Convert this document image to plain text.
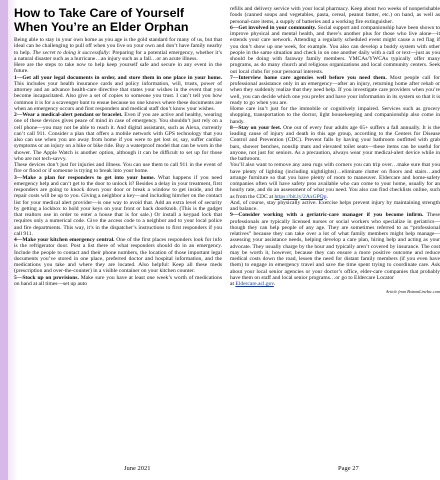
How to Take Care of Yourself
When You’re an Elder Orphan

Being able to stay in your own home as you age is the gold standard for many of us, but that ideal can be challenging to pull off when you live on your own and don’t have family nearby to help. The secret to doing it successfully: Preparing for a potential emergency, whether it’s a natural disaster such as a hurricane…an injury such as a fall…or an acute illness.

Here are the steps to take now to help keep yourself safe and secure in any event in the future.

1—Get all your legal documents in order, and store them in one place in your home. This includes your health insurance cards and policy information, will, trusts, power of attorney and an advance health-care directive that states your wishes in the event that you become incapacitated. Also give a set of copies to someone you trust. I can’t tell you how common it is for a scavenger hunt to ensue because no one knows where these documents are when an emergency occurs and first responders and medical staff don’t know your wishes.

2—Wear a medical-alert pendant or bracelet. Even if you are active and healthy, wearing one of these devices gives peace of mind in case of emergency. You shouldn’t just rely on a cell phone—you may not be able to reach it. And digital assistants, such as Alexa, currently can’t call 911. Consider a plan that offers a mobile network with GPS technology that you also can use when you are away from home if you were to get lost or, say, suffer cardiac symptoms or an injury on a hike or bike ride. Buy a waterproof model that can be worn in the shower. The Apple Watch is another option, although it can be difficult to set up for those who are not tech-savvy.

These devices don’t just for injuries and illness. You can use them to call 911 in the event of fire or flood or if someone is trying to break into your home.

3—Make a plan for responders to get into your home. What happens if you need emergency help and can’t get to the door to unlock it? Besides a delay in your treatment, first responders are going to knock down your door or break a window to get inside, and the repair costs will be up to you. Giving a neighbor a key—and including him/her on the contact list for your medical alert provider—is one way to avoid that. Add an extra level of security by getting a lockbox to hold your keys on your front or back doorknob. (This is the gadget that realtors use in order to enter a house that is for sale.) Or install a keypad lock that requires only a numerical code. Give the access code to a neighbor and to your local police and fire departments. This way, it’s in the dispatcher’s instructions to first responders if you call 911.

4—Make your kitchen emergency central. One of the first places responders look for info is the refrigerator door. Post a list there of what responders should do in an emergency. Include the people to contact and their phone numbers, the location of those important legal documents you’ve stored in one place, preferred doctor and hospital information, and the medications you take and where they are located. Also helpful: Keep all these meds (prescription and over-the-counter) in a visible container on your kitchen counter.

5—Stock up on provisions. Make sure you have at least one week’s worth of medications on hand at all times—set up auto

refills and delivery service with your local pharmacy. Keep about two weeks of nonperishable foods (canned soups and vegetables, pasta, cereal, peanut butter, etc.) on hand, as well as personal-care items, a supply of batteries and a working fire extinguisher.

6—Get involved in your community. Social support and companionship have been shown to improve physical and mental health, and there’s another plus for those who live alone—it extends your care network. Attending a regularly scheduled event might cause a red flag if you don’t show up one week, for example. You also can develop a buddy system with other people in the same situation and check in on one another daily with a call or text—just as you should be doing with faraway family members. YMCAs/YWCAs typically offer many programs, as do many church and religious organizations and local community centers. Seek out local clubs for your personal interests.

7—Interview home care agencies well before you need them. Most people call for professional assistance only in an emergency—after an injury, returning home after rehab or when they suddenly realize that they need help. If you investigate care providers when you’re well, you can decide which one you prefer and have your information in its system so that it is ready to go when you are.

Home care isn’t just for the immobile or cognitively impaired. Services such as grocery shopping, transportation to the doctor, light housekeeping and companionship also come in handy.

8—Stay on your feet. One out of every four adults age 65+ suffers a fall annually. It is the leading cause of injury and death in this age group, according to the Centers for Disease Control and Prevention (CDC). Prevent falls by having your bathroom outfitted with grab bars, shower benches, nonslip mats and elevated toilet seats—these items can be useful for anyone, not just for seniors. As a precaution, always wear your medical-alert device while in the bathroom.

You’ll also want to remove any area rugs with corners you can trip over…make sure that you have plenty of lighting (including nightlights)…eliminate clutter on floors and stairs…and arrange furniture so that you have plenty of room to maneuver. Eldercare and home-safety companies often will have safety pros available who can come to your home, usually for an hourly rate, and do an assessment of what you need. You also can find checklists online, such as from the CDC at https://bit.ly/2AxGPQp.

And, of course, stay physically active. Exercise helps prevent injury by maintaining strength and balance.

9—Consider working with a geriatric-care manager if you become infirm. These professionals are typically licensed nurses or social workers who specialize in geriatrics—though they can help people of any age. They are sometimes referred to as “professional relatives” because they can take over a lot of what family members might help manage—assessing your assistance needs, helping develop a care plan, hiring help and acting as your advocate. They usually charge by the hour and typically aren’t covered by insurance. The cost may be worth it, however, because they can ensure a more positive outcome and reduce medical costs down the road, lessen the need for distant family members (if you even have them) to engage in emergency travel and save the time spent trying to coordinate care. Ask about your local senior agencies or your doctor’s office, elder-care companies that probably have them on staff and local senior programs…or go to Eldercare Locator

at Eldercare.acl.gov.

Article from BottomLineInc.com
June 2021	Page 27
